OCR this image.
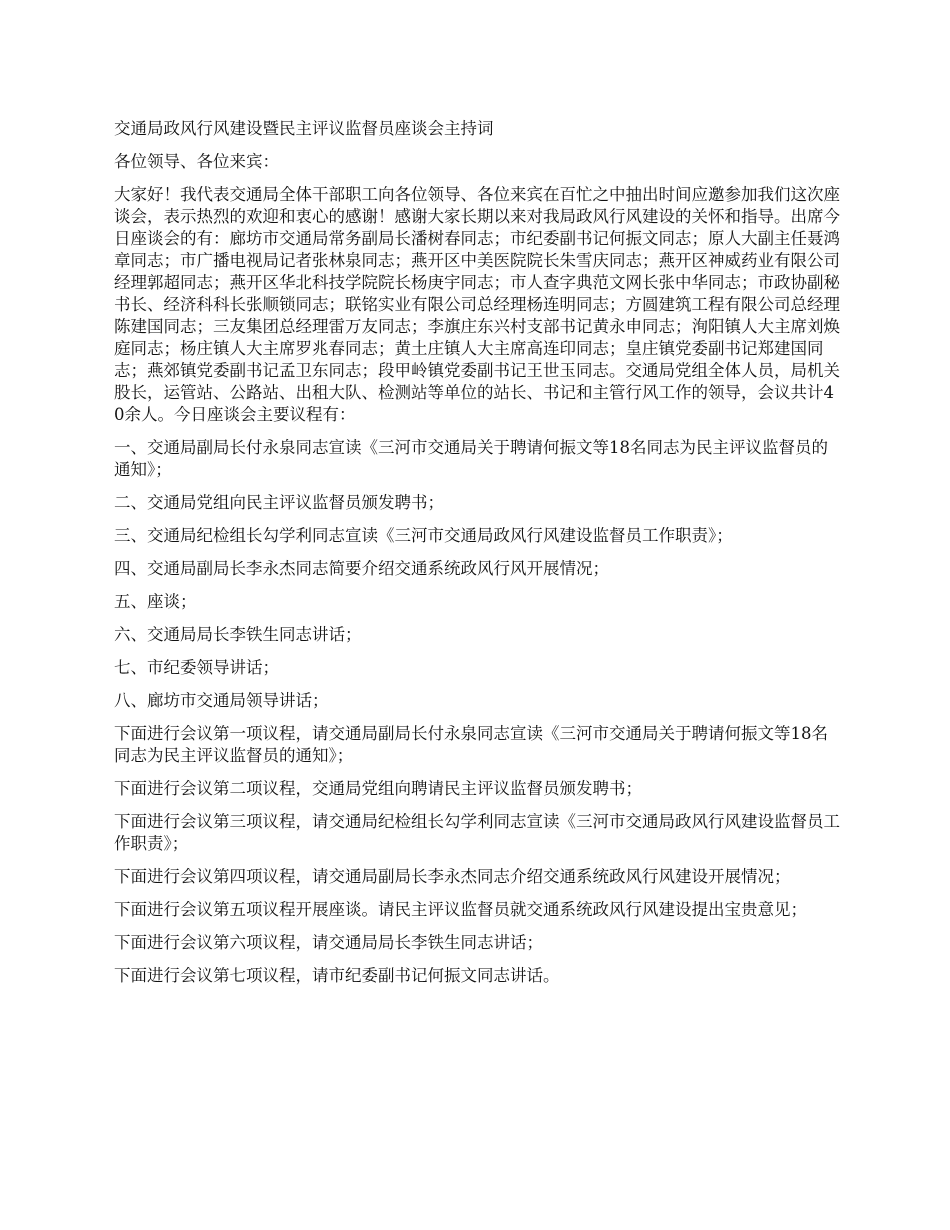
交通局政风行风建设暨民主评议监督员座谈会主持词

各位领导、各位来宾：

大家好！我代表交通局全体干部职工向各位领导、各位来宾在百忙之中抽出时间应邀参加我们这次座谈会，表示热烈的欢迎和衷心的感谢！感谢大家长期以来对我局政风行风建设的关怀和指导。出席今日座谈会的有：廊坊市交通局常务副局长潘树春同志；市纪委副书记何振文同志；原人大副主任聂鸿章同志；市广播电视局记者张林泉同志；燕开区中美医院院长朱雪庆同志；燕开区神威药业有限公司经理郭超同志；燕开区华北科技学院院长杨庚宇同志；市人查字典范文网长张中华同志；市政协副秘书长、经济科科长张顺锁同志；联铭实业有限公司总经理杨连明同志；方圆建筑工程有限公司总经理陈建国同志；三友集团总经理雷万友同志；李旗庄东兴村支部书记黄永申同志；洵阳镇人大主席刘焕庭同志；杨庄镇人大主席罗兆春同志；黄土庄镇人大主席高连印同志；皇庄镇党委副书记郑建国同志；燕郊镇党委副书记孟卫东同志；段甲岭镇党委副书记王世玉同志。交通局党组全体人员，局机关股长，运管站、公路站、出租大队、检测站等单位的站长、书记和主管行风工作的领导，会议共计40余人。今日座谈会主要议程有：

一、交通局副局长付永泉同志宣读《三河市交通局关于聘请何振文等18名同志为民主评议监督员的通知》；

二、交通局党组向民主评议监督员颁发聘书；

三、交通局纪检组长勾学利同志宣读《三河市交通局政风行风建设监督员工作职责》；

四、交通局副局长李永杰同志简要介绍交通系统政风行风开展情况；

五、座谈；

六、交通局局长李铁生同志讲话；

七、市纪委领导讲话；

八、廊坊市交通局领导讲话；

下面进行会议第一项议程，请交通局副局长付永泉同志宣读《三河市交通局关于聘请何振文等18名同志为民主评议监督员的通知》；

下面进行会议第二项议程，交通局党组向聘请民主评议监督员颁发聘书；

下面进行会议第三项议程，请交通局纪检组长勾学利同志宣读《三河市交通局政风行风建设监督员工作职责》；

下面进行会议第四项议程，请交通局副局长李永杰同志介绍交通系统政风行风建设开展情况；

下面进行会议第五项议程开展座谈。请民主评议监督员就交通系统政风行风建设提出宝贵意见；

下面进行会议第六项议程，请交通局局长李铁生同志讲话；

下面进行会议第七项议程，请市纪委副书记何振文同志讲话。
